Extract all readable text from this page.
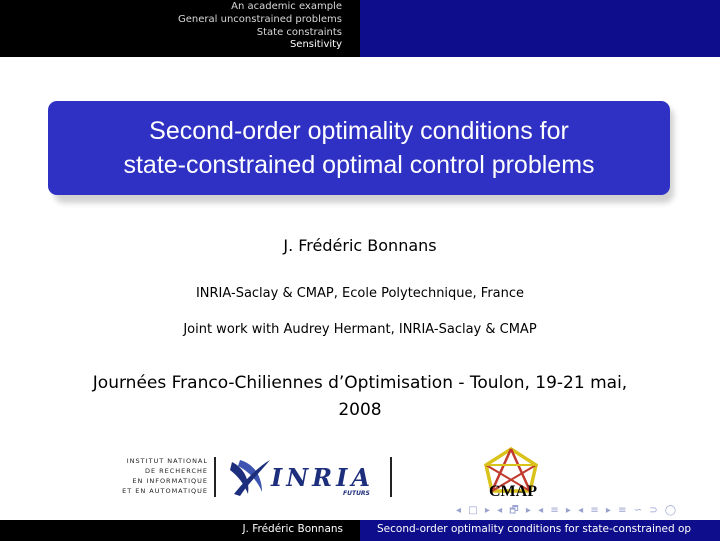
An academic example
General unconstrained problems
State constraints
Sensitivity
Second-order optimality conditions for
state-constrained optimal control problems
J. Frédéric Bonnans
INRIA-Saclay & CMAP, Ecole Polytechnique, France
Joint work with Audrey Hermant, INRIA-Saclay & CMAP
Journées Franco-Chiliennes d’Optimisation - Toulon, 19-21 mai,
2008
INSTITUT NATIONAL
DE RECHERCHE
EN INFORMATIQUE
ET EN AUTOMATIQUE	INRIA
FUTURS	CMAP
◂ □ ▸ ◂ 🗗 ▸ ◂ ≡ ▸ ◂ ≡ ▸ ≡ ∽ ⊃ ◯
J. Frédéric Bonnans	Second-order optimality conditions for state-constrained op
